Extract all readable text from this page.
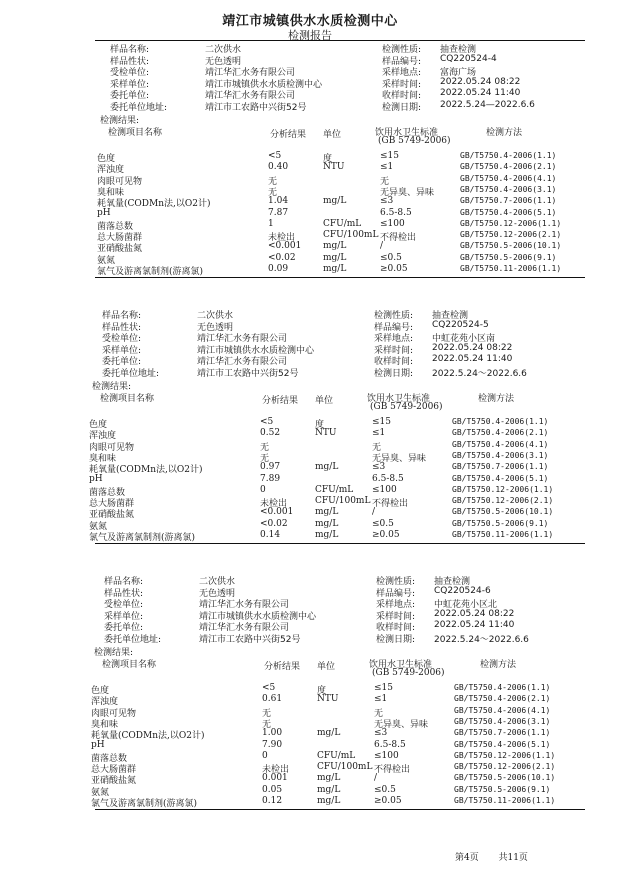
靖江市城镇供水水质检测中心
检测报告
样品名称:	二次供水
样品性状:	无色透明
受检单位:	靖江华汇水务有限公司
采样单位:	靖江市城镇供水水质检测中心
委托单位:	靖江华汇水务有限公司
委托单位地址:	靖江市工农路中兴街52号
检测性质: 抽查检测
样品编号: CQ220524-4
采样地点: 富海广场
采样时间: 2022.05.24 08:22
收样时间: 2022.05.24 11:40
检测日期: 2022.5.24—2022.6.6
检测结果:
检测项目名称	分析结果 单位	饮用水卫生标准
(GB 5749-2006)
检测方法
色度	<5	度	≤15	GB/T5750.4-2006(1.1)
浑浊度	0.40	NTU	≤1	GB/T5750.4-2006(2.1)
肉眼可见物	无	无	GB/T5750.4-2006(4.1)
臭和味	无	无异臭、异味	GB/T5750.4-2006(3.1)
耗氧量(CODMn法,以O2计)	1.04	mg/L	≤3	GB/T5750.7-2006(1.1)
pH	7.87	6.5-8.5	GB/T5750.4-2006(5.1)
菌落总数	1	CFU/mL ≤100	GB/T5750.12-2006(1.1)
总大肠菌群	未检出	CFU/100mL 不得检出	GB/T5750.12-2006(2.1)
亚硝酸盐氮	<0.001 mg/L	/	GB/T5750.5-2006(10.1)
氨氮	<0.02	mg/L	≤0.5	GB/T5750.5-2006(9.1)
氯气及游离氯制剂(游离氯)	0.09	mg/L	≥0.05	GB/T5750.11-2006(1.1)
样品名称:	二次供水
样品性状:	无色透明
受检单位:	靖江华汇水务有限公司
采样单位:	靖江市城镇供水水质检测中心
委托单位:	靖江华汇水务有限公司
委托单位地址:	靖江市工农路中兴街52号
检测性质: 抽查检测
样品编号: CQ220524-5
采样地点: 中虹花苑小区南
采样时间: 2022.05.24 08:22
收样时间: 2022.05.24 11:40
检测日期: 2022.5.24～2022.6.6
检测结果:
检测项目名称	分析结果 单位	饮用水卫生标准
(GB 5749-2006)
检测方法
色度	<5	度	≤15	GB/T5750.4-2006(1.1)
浑浊度	0.52	NTU	≤1	GB/T5750.4-2006(2.1)
肉眼可见物	无	无	GB/T5750.4-2006(4.1)
臭和味	无	无异臭、异味	GB/T5750.4-2006(3.1)
耗氧量(CODMn法,以O2计)	0.97	mg/L	≤3	GB/T5750.7-2006(1.1)
pH	7.89	6.5-8.5	GB/T5750.4-2006(5.1)
菌落总数	0	CFU/mL ≤100	GB/T5750.12-2006(1.1)
总大肠菌群	未检出	CFU/100mL 不得检出	GB/T5750.12-2006(2.1)
亚硝酸盐氮	<0.001 mg/L	/	GB/T5750.5-2006(10.1)
氨氮	<0.02	mg/L	≤0.5	GB/T5750.5-2006(9.1)
氯气及游离氯制剂(游离氯)	0.14	mg/L	≥0.05	GB/T5750.11-2006(1.1)
样品名称:	二次供水
样品性状:	无色透明
受检单位:	靖江华汇水务有限公司
采样单位:	靖江市城镇供水水质检测中心
委托单位:	靖江华汇水务有限公司
委托单位地址:	靖江市工农路中兴街52号
检测性质: 抽查检测
样品编号: CQ220524-6
采样地点: 中虹花苑小区北
采样时间: 2022.05.24 08:22
收样时间: 2022.05.24 11:40
检测日期: 2022.5.24～2022.6.6
检测结果:
检测项目名称	分析结果 单位	饮用水卫生标准
(GB 5749-2006)
检测方法
色度	<5	度	≤15	GB/T5750.4-2006(1.1)
浑浊度	0.61	NTU	≤1	GB/T5750.4-2006(2.1)
肉眼可见物	无	无	GB/T5750.4-2006(4.1)
臭和味	无	无异臭、异味	GB/T5750.4-2006(3.1)
耗氧量(CODMn法,以O2计)	1.00	mg/L	≤3	GB/T5750.7-2006(1.1)
pH	7.90	6.5-8.5	GB/T5750.4-2006(5.1)
菌落总数	0	CFU/mL ≤100	GB/T5750.12-2006(1.1)
总大肠菌群	未检出	CFU/100mL 不得检出	GB/T5750.12-2006(2.1)
亚硝酸盐氮	0.001	mg/L	/	GB/T5750.5-2006(10.1)
氨氮	0.05	mg/L	≤0.5	GB/T5750.5-2006(9.1)
氯气及游离氯制剂(游离氯)	0.12	mg/L	≥0.05	GB/T5750.11-2006(1.1)
第4页 共11页
